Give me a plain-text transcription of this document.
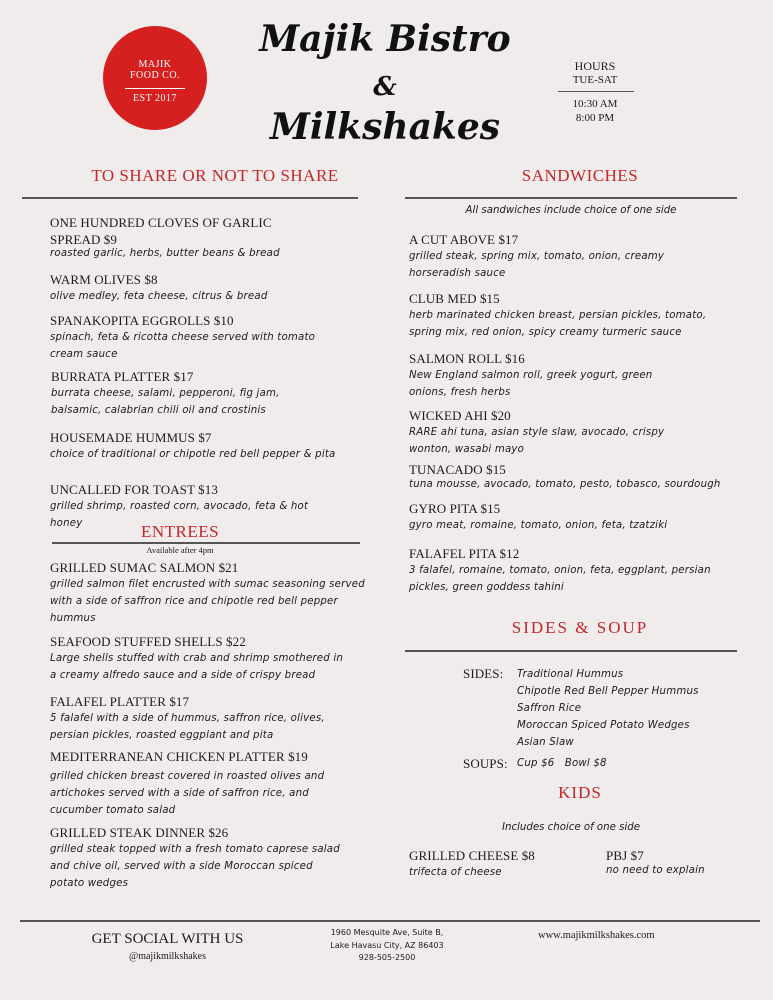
Majik Bistro
&
Milkshakes
MAJIK
FOOD CO.
EST 2017
HOURS
TUE-SAT
10:30 AM
8:00 PM
TO SHARE OR NOT TO SHARE
ONE HUNDRED CLOVES OF GARLIC SPREAD $9
roasted garlic, herbs, butter beans & bread
WARM OLIVES $8
olive medley, feta cheese, citrus & bread
SPANAKOPITA EGGROLLS $10
spinach, feta & ricotta cheese served with tomato cream sauce
BURRATA PLATTER $17
burrata cheese, salami, pepperoni, fig jam, balsamic, calabrian chili oil and crostinis
HOUSEMADE HUMMUS $7
choice of traditional or chipotle red bell pepper & pita
UNCALLED FOR TOAST $13
grilled shrimp, roasted corn, avocado, feta & hot honey	ENTREES
Available after 4pm
GRILLED SUMAC SALMON $21
grilled salmon filet encrusted with sumac seasoning served with a side of saffron rice and chipotle red bell pepper hummus
SEAFOOD STUFFED SHELLS $22
Large shells stuffed with crab and shrimp smothered in a creamy alfredo sauce and a side of crispy bread
FALAFEL PLATTER $17
5 falafel with a side of hummus, saffron rice, olives, persian pickles, roasted eggplant and pita
MEDITERRANEAN CHICKEN PLATTER $19
grilled chicken breast covered in roasted olives and artichokes served with a side of saffron rice, and cucumber tomato salad
GRILLED STEAK DINNER $26
grilled steak topped with a fresh tomato caprese salad and chive oil, served with a side Moroccan spiced potato wedges
SANDWICHES
All sandwiches include choice of one side
A CUT ABOVE $17
grilled steak, spring mix, tomato, onion, creamy horseradish sauce
CLUB MED $15
herb marinated chicken breast, persian pickles, tomato, spring mix, red onion, spicy creamy turmeric sauce
SALMON ROLL $16
New England salmon roll, greek yogurt, green onions, fresh herbs
WICKED AHI $20
RARE ahi tuna, asian style slaw, avocado, crispy wonton, wasabi mayo
TUNACADO $15
tuna mousse, avocado, tomato, pesto, tobasco, sourdough
GYRO PITA $15
gyro meat, romaine, tomato, onion, feta, tzatziki
FALAFEL PITA $12
3 falafel, romaine, tomato, onion, feta, eggplant, persian pickles, green goddess tahini
SIDES & SOUP
SIDES: Traditional Hummus
Chipotle Red Bell Pepper Hummus
Saffron Rice
Moroccan Spiced Potato Wedges
Asian Slaw
SOUPS: Cup $6   Bowl $8
KIDS
Includes choice of one side
GRILLED CHEESE $8
trifecta of cheese
PBJ $7
no need to explain
GET SOCIAL WITH US
@majikmilkshakes
1960 Mesquite Ave, Suite B,
Lake Havasu City, AZ 86403
928-505-2500
www.majikmilkshakes.com
